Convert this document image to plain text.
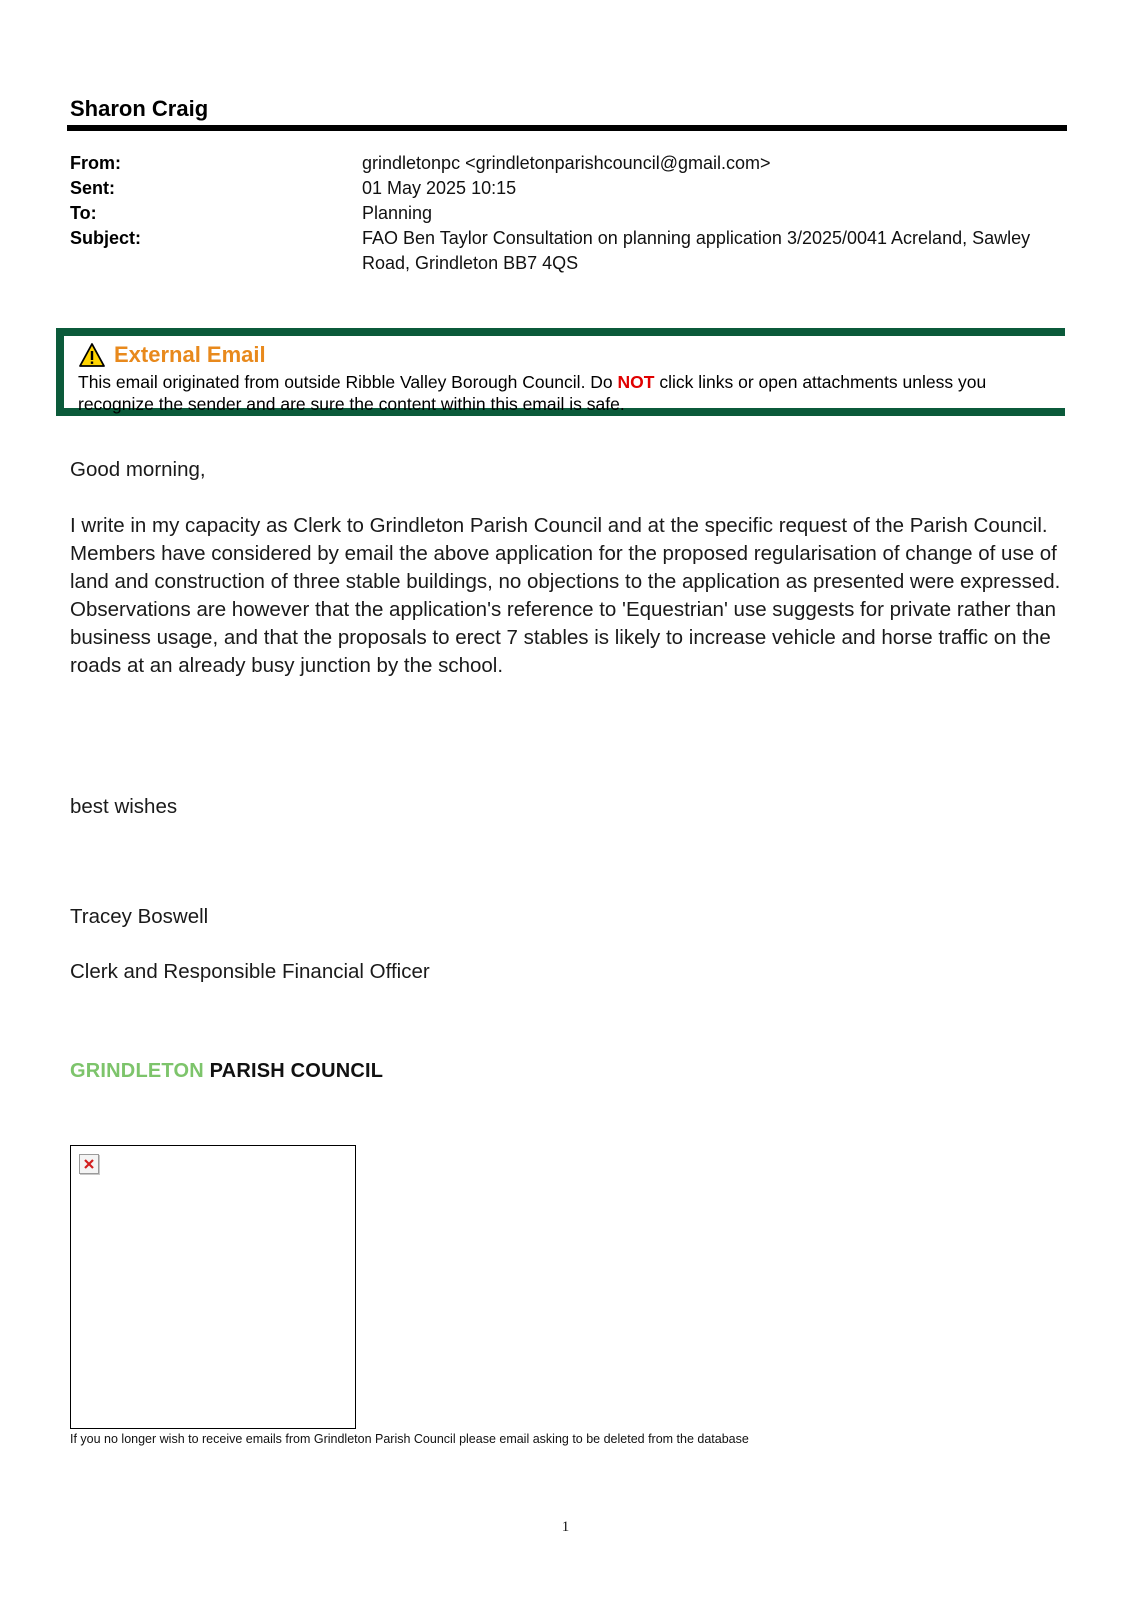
Sharon Craig
From:	grindletonpc <grindletonparishcouncil@gmail.com>
Sent:	01 May 2025 10:15
To:	Planning
Subject:	FAO Ben Taylor Consultation on planning application 3/2025/0041 Acreland, Sawley Road, Grindleton BB7 4QS
External Email
This email originated from outside Ribble Valley Borough Council. Do NOT click links or open attachments unless you recognize the sender and are sure the content within this email is safe.

Good morning,

I write in my capacity as Clerk to Grindleton Parish Council and at the specific request of the Parish Council.

Members have considered by email the above application for the proposed regularisation of change of use of land and construction of three stable buildings, no objections to the application as presented were expressed.

Observations are however that the application's reference to 'Equestrian' use suggests for private rather than business usage, and that the proposals to erect 7 stables is likely to increase vehicle and horse traffic on the roads at an already busy junction by the school.

best wishes

Tracey Boswell

Clerk and Responsible Financial Officer

GRINDLETON PARISH COUNCIL
If you no longer wish to receive emails from Grindleton Parish Council please email asking to be deleted from the database
1
